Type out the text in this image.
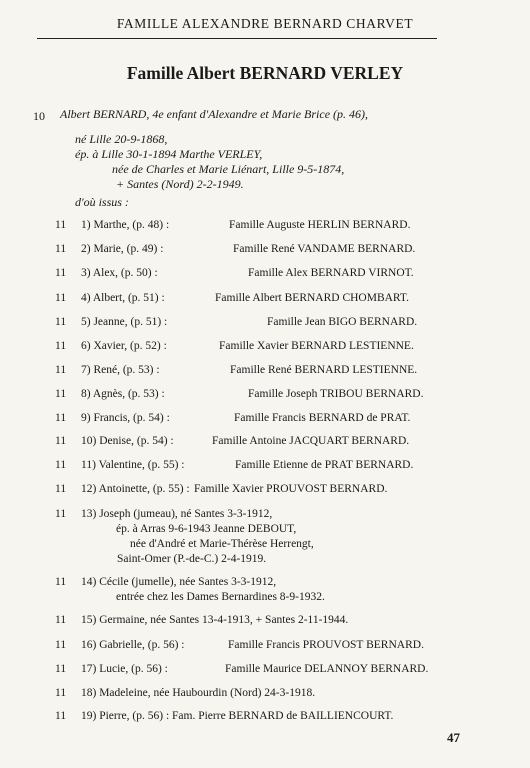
FAMILLE ALEXANDRE BERNARD CHARVET
Famille Albert BERNARD VERLEY
10 Albert BERNARD, 4e enfant d'Alexandre et Marie Brice (p. 46),
né Lille 20-9-1868,
ép. à Lille 30-1-1894 Marthe VERLEY,
née de Charles et Marie Liénart, Lille 9-5-1874,
+ Santes (Nord) 2-2-1949.
d'où issus :
11	1) Marthe, (p. 48) :	Famille Auguste HERLIN BERNARD.
11	2) Marie, (p. 49) :	Famille René VANDAME BERNARD.
11	3) Alex, (p. 50) :	Famille Alex BERNARD VIRNOT.
11	4) Albert, (p. 51) :	Famille Albert BERNARD CHOMBART.
11	5) Jeanne, (p. 51) :	Famille Jean BIGO BERNARD.
11	6) Xavier, (p. 52) :	Famille Xavier BERNARD LESTIENNE.
11	7) René, (p. 53) :	Famille René BERNARD LESTIENNE.
11	8) Agnès, (p. 53) :	Famille Joseph TRIBOU BERNARD.
11	9) Francis, (p. 54) :	Famille Francis BERNARD de PRAT.
11	10) Denise, (p. 54) :	Famille Antoine JACQUART BERNARD.
11	11) Valentine, (p. 55) :	Famille Etienne de PRAT BERNARD.
11	12) Antoinette, (p. 55) : Famille Xavier PROUVOST BERNARD.
11	13) Joseph (jumeau), né Santes 3-3-1912,
ép. à Arras 9-6-1943 Jeanne DEBOUT,
née d'André et Marie-Thérèse Herrengt,
Saint-Omer (P.-de-C.) 2-4-1919.
11	14) Cécile (jumelle), née Santes 3-3-1912,
entrée chez les Dames Bernardines 8-9-1932.
11	15) Germaine, née Santes 13-4-1913, + Santes 2-11-1944.
11	16) Gabrielle, (p. 56) :	Famille Francis PROUVOST BERNARD.
11	17) Lucie, (p. 56) :	Famille Maurice DELANNOY BERNARD.
11	18) Madeleine, née Haubourdin (Nord) 24-3-1918.
11	19) Pierre, (p. 56) : Fam. Pierre BERNARD de BAILLIENCOURT.
47
